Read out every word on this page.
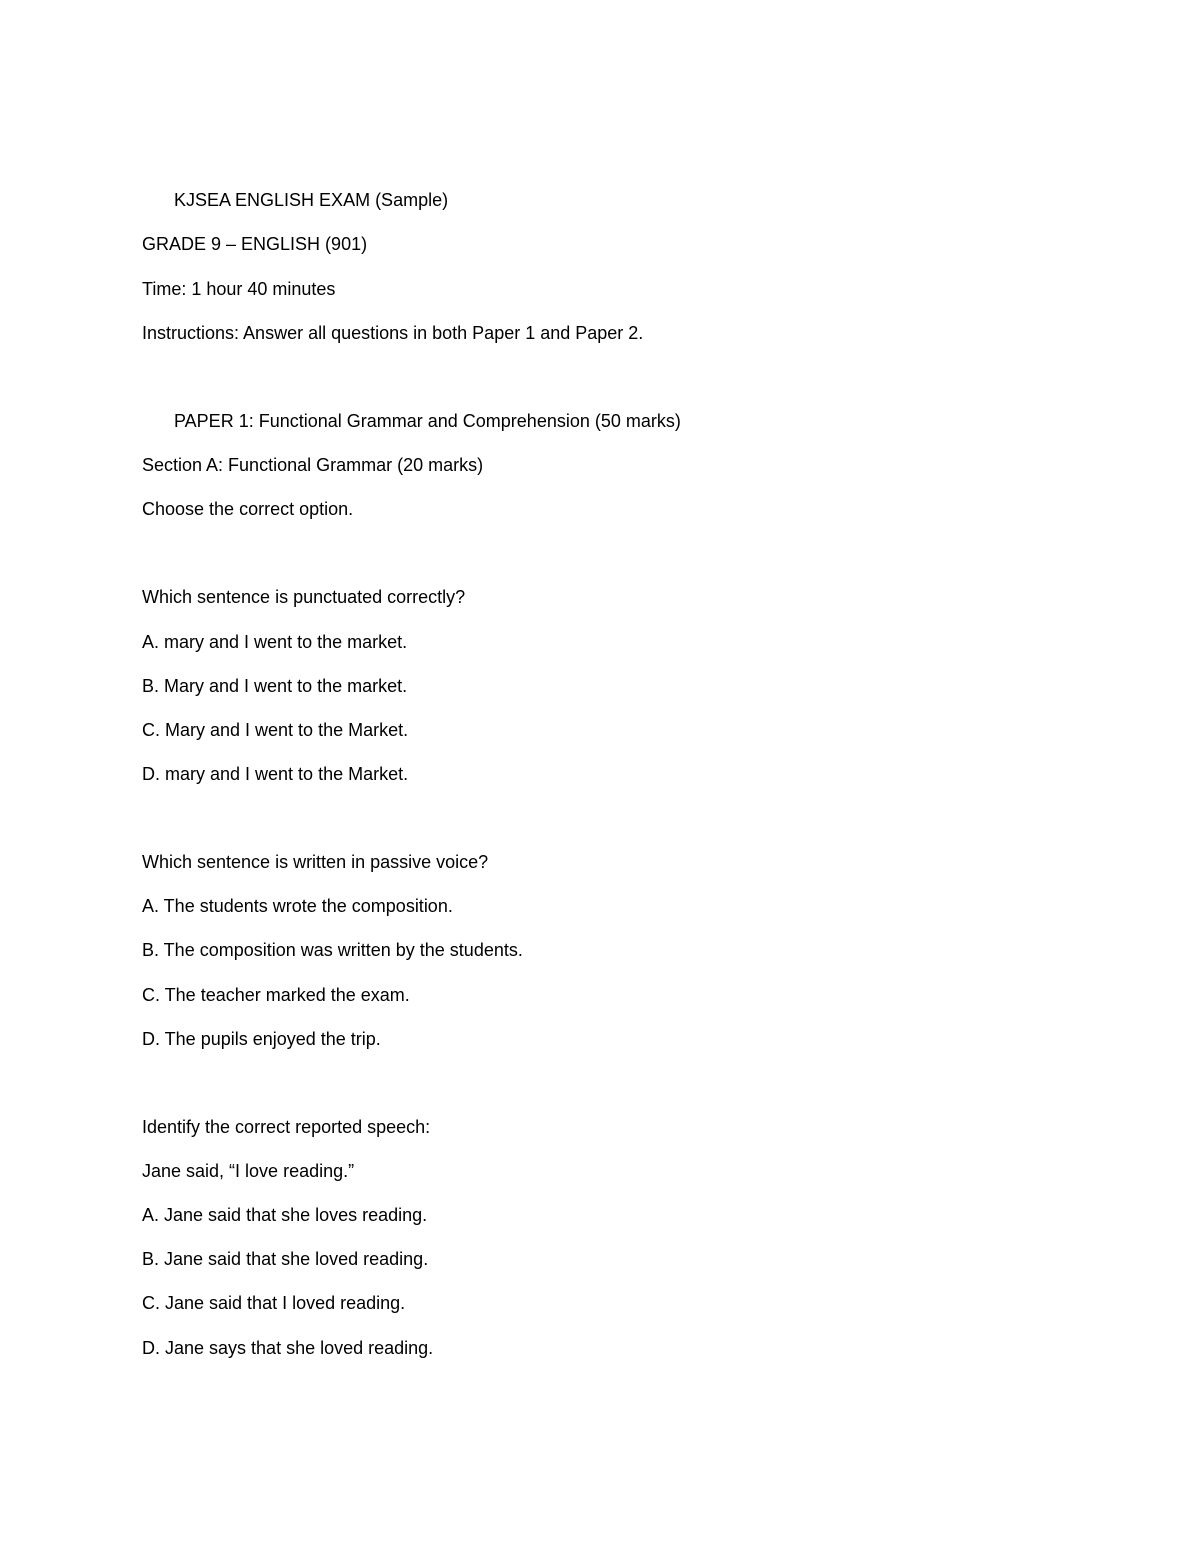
KJSEA ENGLISH EXAM (Sample)
GRADE 9 – ENGLISH (901)
Time: 1 hour 40 minutes
Instructions: Answer all questions in both Paper 1 and Paper 2.
PAPER 1: Functional Grammar and Comprehension (50 marks)
Section A: Functional Grammar (20 marks)
Choose the correct option.
Which sentence is punctuated correctly?
A. mary and I went to the market.
B. Mary and I went to the market.
C. Mary and I went to the Market.
D. mary and I went to the Market.
Which sentence is written in passive voice?
A. The students wrote the composition.
B. The composition was written by the students.
C. The teacher marked the exam.
D. The pupils enjoyed the trip.
Identify the correct reported speech:
Jane said, “I love reading.”
A. Jane said that she loves reading.
B. Jane said that she loved reading.
C. Jane said that I loved reading.
D. Jane says that she loved reading.
